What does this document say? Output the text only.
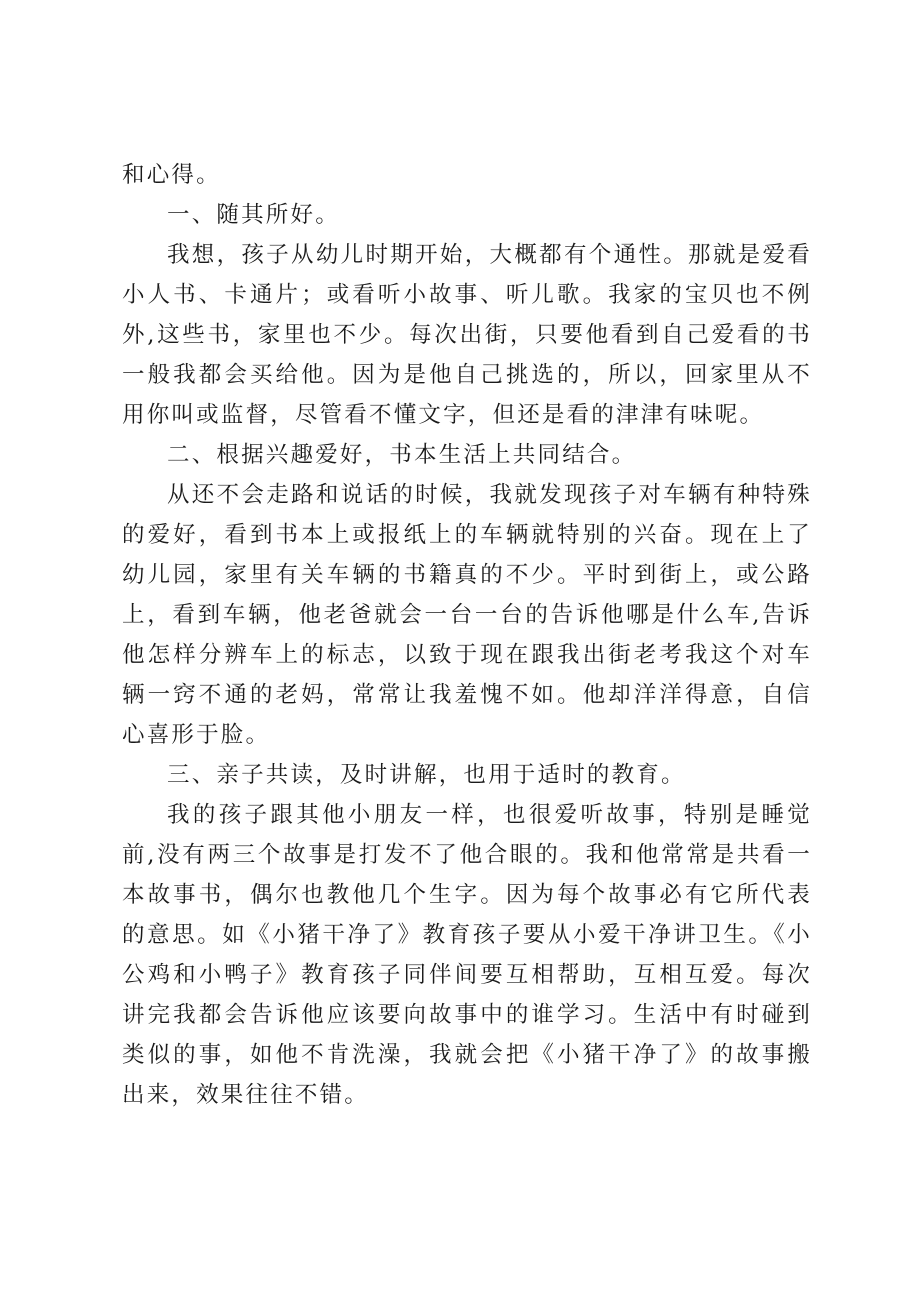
和心得。

一、随其所好。

我想，孩子从幼儿时期开始，大概都有个通性。那就是爱看小人书、卡通片；或看听小故事、听儿歌。我家的宝贝也不例外,这些书，家里也不少。每次出街，只要他看到自己爱看的书一般我都会买给他。因为是他自己挑选的，所以，回家里从不用你叫或监督，尽管看不懂文字，但还是看的津津有味呢。

二、根据兴趣爱好，书本生活上共同结合。

从还不会走路和说话的时候，我就发现孩子对车辆有种特殊的爱好，看到书本上或报纸上的车辆就特别的兴奋。现在上了幼儿园，家里有关车辆的书籍真的不少。平时到街上，或公路上，看到车辆，他老爸就会一台一台的告诉他哪是什么车,告诉他怎样分辨车上的标志，以致于现在跟我出街老考我这个对车辆一窍不通的老妈，常常让我羞愧不如。他却洋洋得意，自信心喜形于脸。

三、亲子共读，及时讲解，也用于适时的教育。

我的孩子跟其他小朋友一样，也很爱听故事，特别是睡觉前,没有两三个故事是打发不了他合眼的。我和他常常是共看一本故事书，偶尔也教他几个生字。因为每个故事必有它所代表的意思。如《小猪干净了》教育孩子要从小爱干净讲卫生。《小公鸡和小鸭子》教育孩子同伴间要互相帮助，互相互爱。每次讲完我都会告诉他应该要向故事中的谁学习。生活中有时碰到类似的事，如他不肯洗澡，我就会把《小猪干净了》的故事搬出来，效果往往不错。
